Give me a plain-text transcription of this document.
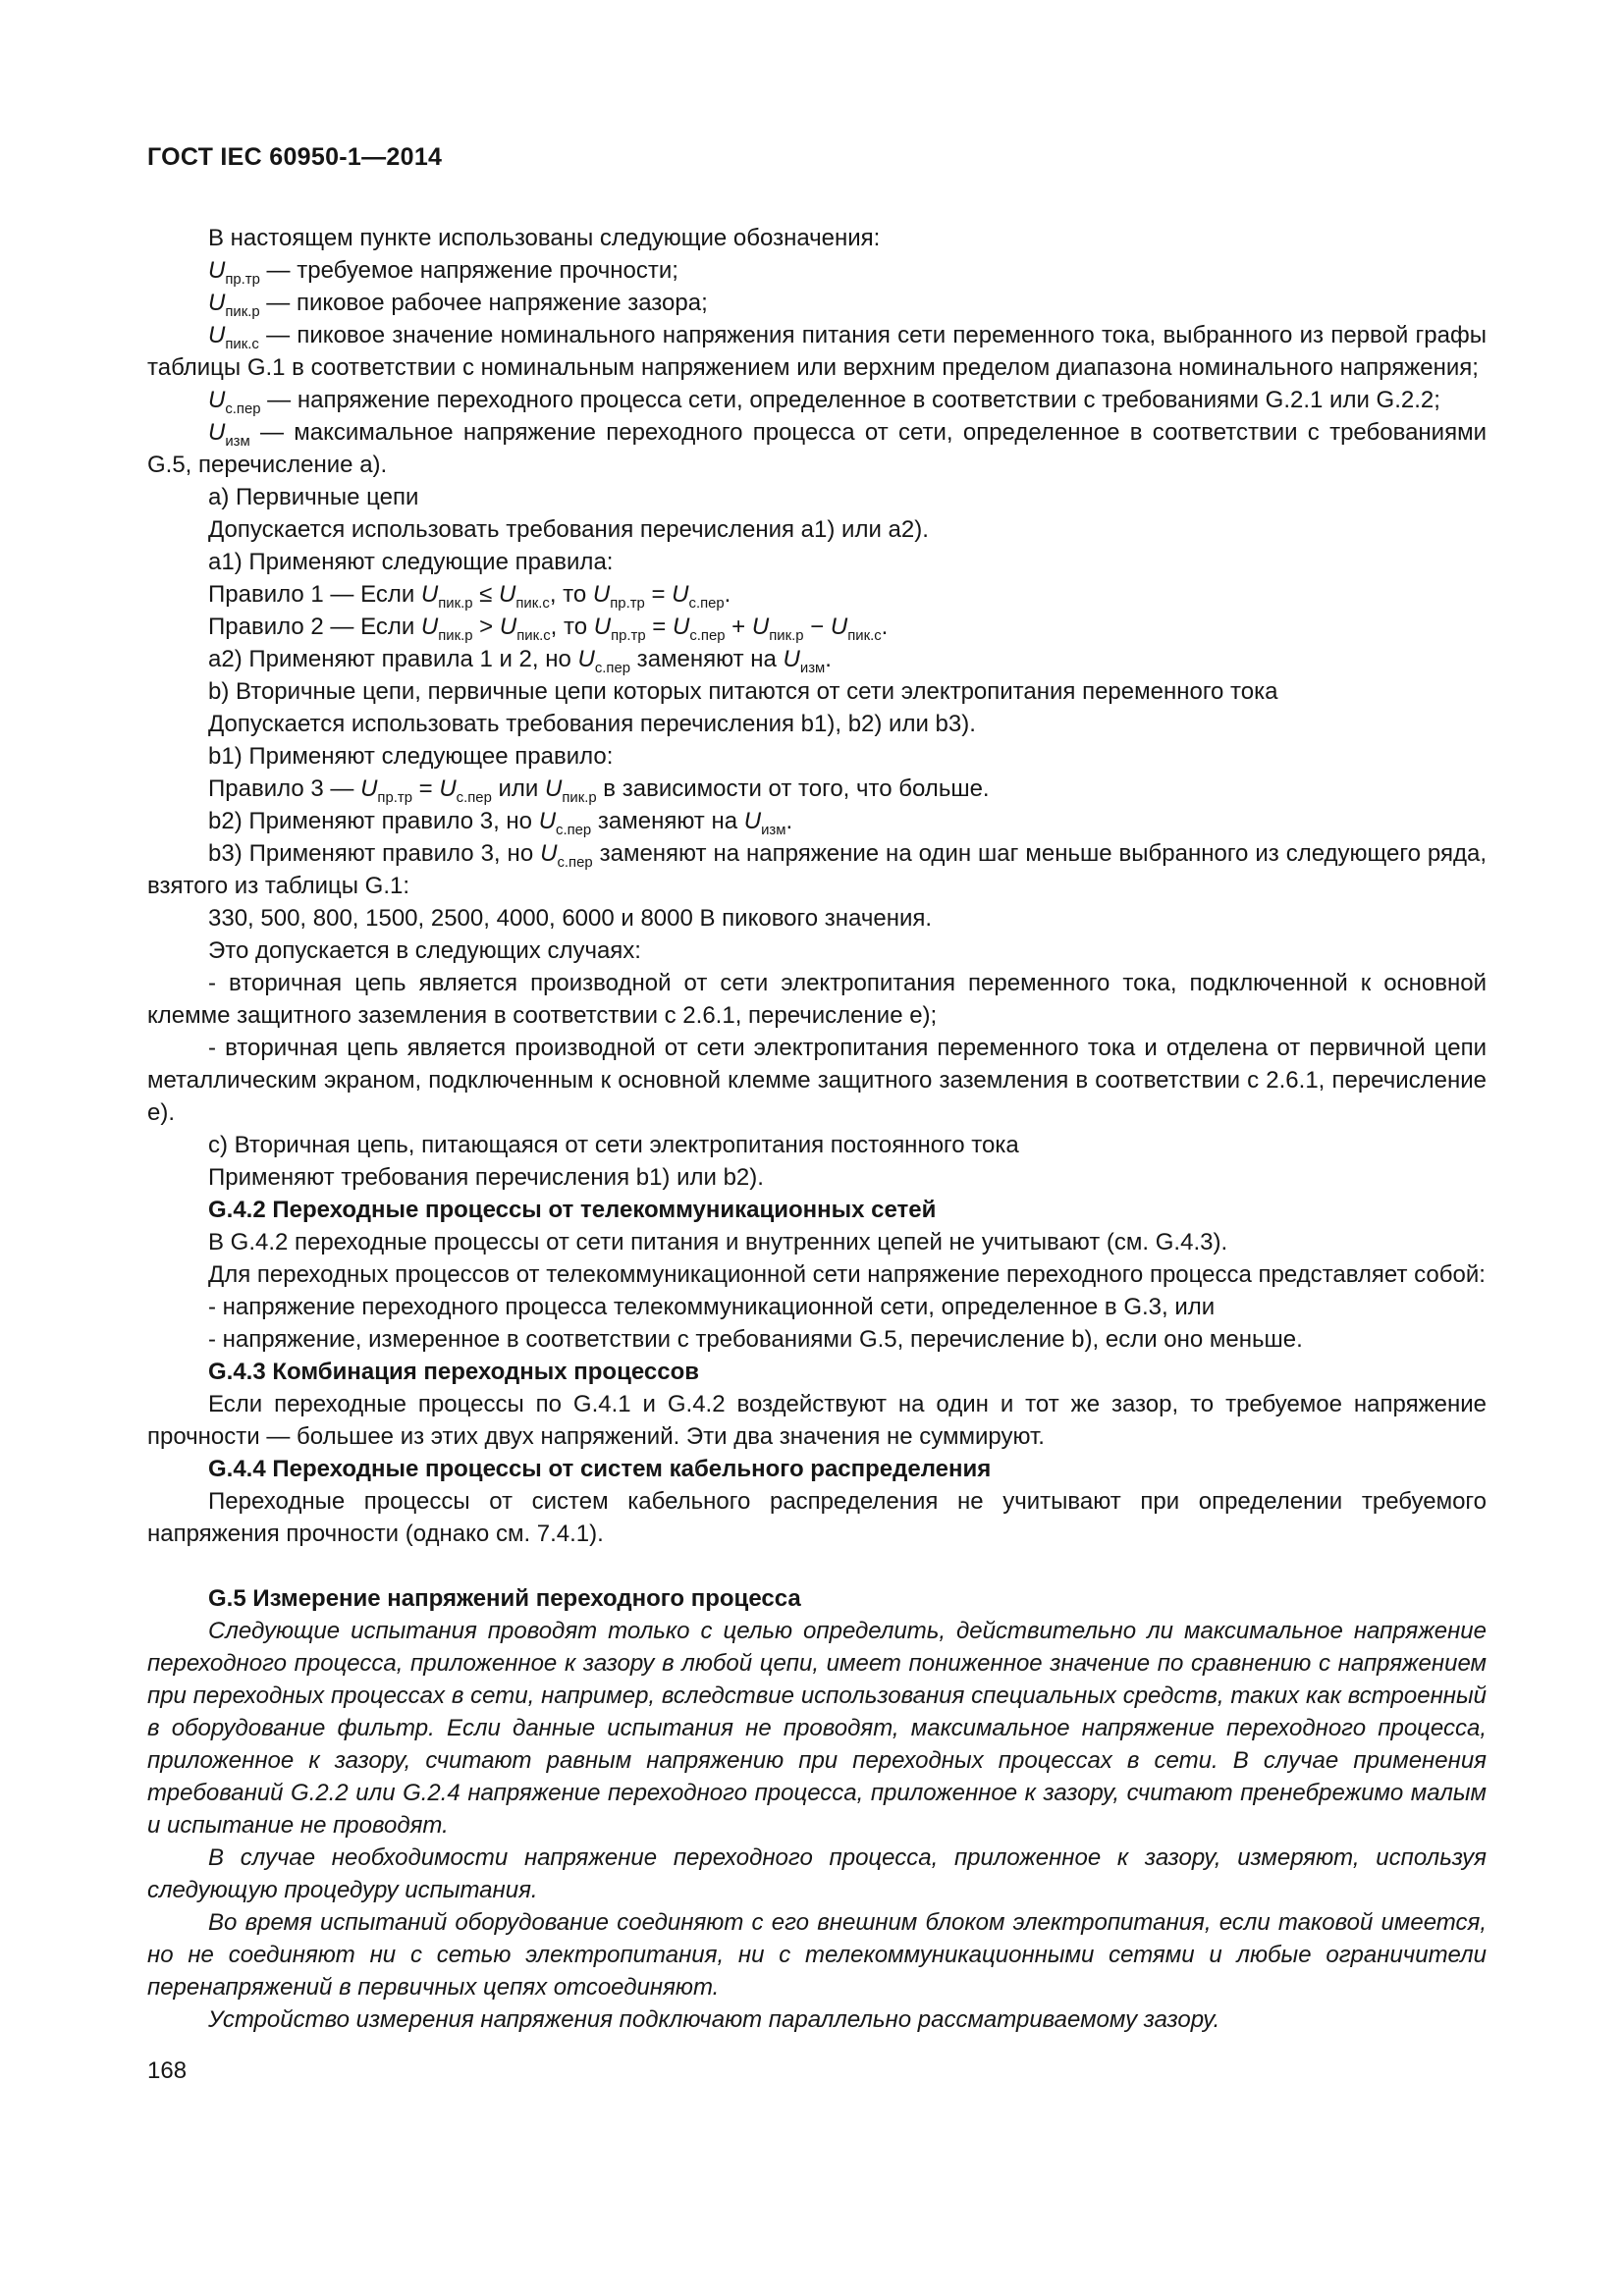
ГОСТ IEC 60950-1—2014

В настоящем пункте использованы следующие обозначения:

$U_{пр.тр}$ — требуемое напряжение прочности;

$U_{пик.р}$ — пиковое рабочее напряжение зазора;

$U_{пик.с}$ — пиковое значение номинального напряжения питания сети переменного тока, выбранного из первой графы таблицы G.1 в соответствии с номинальным напряжением или верхним пределом диапазона номинального напряжения;

$U_{с.пер}$ — напряжение переходного процесса сети, определенное в соответствии с требованиями G.2.1 или G.2.2;

$U_{изм}$ — максимальное напряжение переходного процесса от сети, определенное в соответствии с требованиями G.5, перечисление a).

a) Первичные цепи

Допускается использовать требования перечисления a1) или a2).

a1) Применяют следующие правила:

Правило 1 — Если $U_{пик.р} \le U_{пик.с}$, то $U_{пр.тр} = U_{с.пер}$.

Правило 2 — Если $U_{пик.р} > U_{пик.с}$, то $U_{пр.тр} = U_{с.пер} + U_{пик.р} - U_{пик.с}$.

a2) Применяют правила 1 и 2, но $U_{с.пер}$ заменяют на $U_{изм}$.

b) Вторичные цепи, первичные цепи которых питаются от сети электропитания переменного тока

Допускается использовать требования перечисления b1), b2) или b3).

b1) Применяют следующее правило:

Правило 3 — $U_{пр.тр} = U_{с.пер}$ или $U_{пик.р}$ в зависимости от того, что больше.

b2) Применяют правило 3, но $U_{с.пер}$ заменяют на $U_{изм}$.

b3) Применяют правило 3, но $U_{с.пер}$ заменяют на напряжение на один шаг меньше выбранного из следующего ряда, взятого из таблицы G.1:

330, 500, 800, 1500, 2500, 4000, 6000 и 8000 В пикового значения.

Это допускается в следующих случаях:

- вторичная цепь является производной от сети электропитания переменного тока, подключенной к основной клемме защитного заземления в соответствии с 2.6.1, перечисление e);

- вторичная цепь является производной от сети электропитания переменного тока и отделена от первичной цепи металлическим экраном, подключенным к основной клемме защитного заземления в соответствии с 2.6.1, перечисление e).

c) Вторичная цепь, питающаяся от сети электропитания постоянного тока

Применяют требования перечисления b1) или b2).

G.4.2 Переходные процессы от телекоммуникационных сетей

В G.4.2 переходные процессы от сети питания и внутренних цепей не учитывают (см. G.4.3).

Для переходных процессов от телекоммуникационной сети напряжение переходного процесса представляет собой:

- напряжение переходного процесса телекоммуникационной сети, определенное в G.3, или

- напряжение, измеренное в соответствии с требованиями G.5, перечисление b), если оно меньше.

G.4.3 Комбинация переходных процессов

Если переходные процессы по G.4.1 и G.4.2 воздействуют на один и тот же зазор, то требуемое напряжение прочности — большее из этих двух напряжений. Эти два значения не суммируют.

G.4.4 Переходные процессы от систем кабельного распределения

Переходные процессы от систем кабельного распределения не учитывают при определении требуемого напряжения прочности (однако см. 7.4.1).

G.5 Измерение напряжений переходного процесса

Следующие испытания проводят только с целью определить, действительно ли максимальное напряжение переходного процесса, приложенное к зазору в любой цепи, имеет пониженное значение по сравнению с напряжением при переходных процессах в сети, например, вследствие использования специальных средств, таких как встроенный в оборудование фильтр. Если данные испытания не проводят, максимальное напряжение переходного процесса, приложенное к зазору, считают равным напряжению при переходных процессах в сети. В случае применения требований G.2.2 или G.2.4 напряжение переходного процесса, приложенное к зазору, считают пренебрежимо малым и испытание не проводят.

В случае необходимости напряжение переходного процесса, приложенное к зазору, измеряют, используя следующую процедуру испытания.

Во время испытаний оборудование соединяют с его внешним блоком электропитания, если таковой имеется, но не соединяют ни с сетью электропитания, ни с телекоммуникационными сетями и любые ограничители перенапряжений в первичных цепях отсоединяют.

Устройство измерения напряжения подключают параллельно рассматриваемому зазору.

168
